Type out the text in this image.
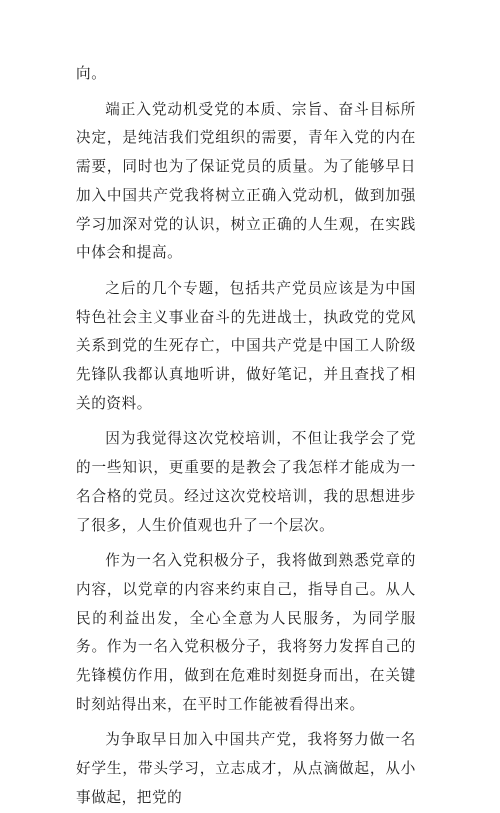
向。

端正入党动机受党的本质、宗旨、奋斗目标所决定，是纯洁我们党组织的需要，青年入党的内在需要，同时也为了保证党员的质量。为了能够早日加入中国共产党我将树立正确入党动机，做到加强学习加深对党的认识，树立正确的人生观，在实践中体会和提高。

之后的几个专题，包括共产党员应该是为中国特色社会主义事业奋斗的先进战士，执政党的党风关系到党的生死存亡，中国共产党是中国工人阶级先锋队我都认真地听讲，做好笔记，并且查找了相关的资料。

因为我觉得这次党校培训，不但让我学会了党的一些知识，更重要的是教会了我怎样才能成为一名合格的党员。经过这次党校培训，我的思想进步了很多，人生价值观也升了一个层次。

作为一名入党积极分子，我将做到熟悉党章的内容，以党章的内容来约束自己，指导自己。从人民的利益出发，全心全意为人民服务，为同学服务。作为一名入党积极分子，我将努力发挥自己的先锋模仿作用，做到在危难时刻挺身而出，在关键时刻站得出来，在平时工作能被看得出来。

为争取早日加入中国共产党，我将努力做一名好学生，带头学习，立志成才，从点滴做起，从小事做起，把党的
